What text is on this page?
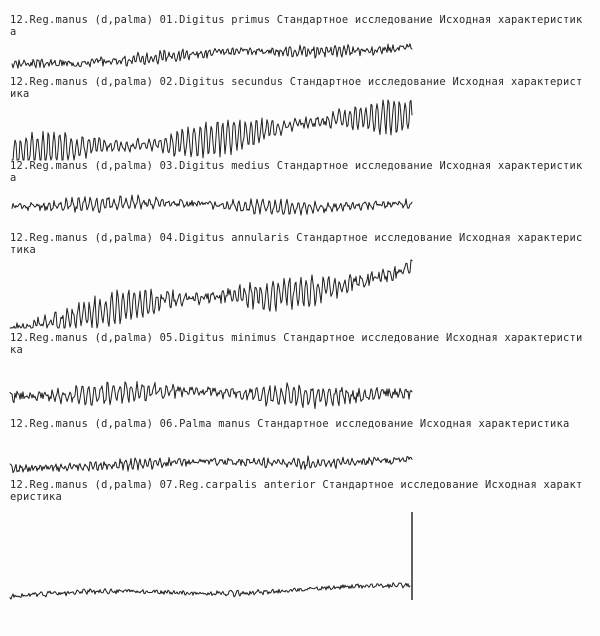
12.Reg.manus (d,palma) 01.Digitus primus Стандартное исследование Исходная характеристика
12.Reg.manus (d,palma) 02.Digitus secundus Стандартное исследование Исходная характеристика
12.Reg.manus (d,palma) 03.Digitus medius Стандартное исследование Исходная характеристика
12.Reg.manus (d,palma) 04.Digitus annularis Стандартное исследование Исходная характеристика
12.Reg.manus (d,palma) 05.Digitus minimus Стандартное исследование Исходная характеристика
12.Reg.manus (d,palma) 06.Palma manus Стандартное исследование Исходная характеристика
12.Reg.manus (d,palma) 07.Reg.carpalis anterior Стандартное исследование Исходная характеристика
